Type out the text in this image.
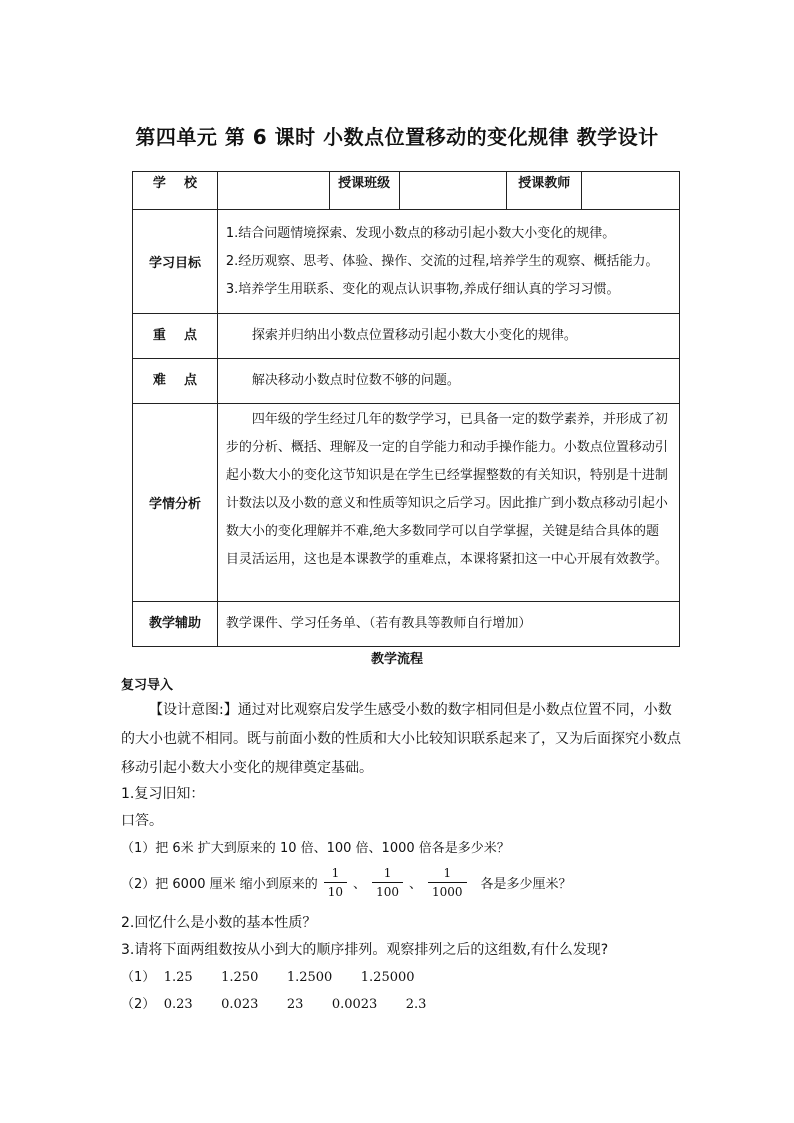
第四单元 第 6 课时 小数点位置移动的变化规律 教学设计
学    校		授课班级		授课教师	
学习目标	1.结合问题情境探索、发现小数点的移动引起小数大小变化的规律。
2.经历观察、思考、体验、操作、交流的过程,培养学生的观察、概括能力。
3.培养学生用联系、变化的观点认识事物,养成仔细认真的学习习惯。				

重    点	探索并归纳出小数点位置移动引起小数大小变化的规律。				

难    点	解决移动小数点时位数不够的问题。				

学情分析	四年级的学生经过几年的数学学习，已具备一定的数学素养，并形成了初步的分析、概括、理解及一定的自学能力和动手操作能力。小数点位置移动引起小数大小的变化这节知识是在学生已经掌握整数的有关知识，特别是十进制计数法以及小数的意义和性质等知识之后学习。因此推广到小数点移动引起小数大小的变化理解并不难,绝大多数同学可以自学掌握，关键是结合具体的题目灵活运用，这也是本课教学的重难点，本课将紧扣这一中心开展有效教学。				

教学辅助	教学课件、学习任务单、（若有教具等教师自行增加）				
教学流程
复习导入
【设计意图:】通过对比观察启发学生感受小数的数字相同但是小数点位置不同，小数的大小也就不相同。既与前面小数的性质和大小比较知识联系起来了，又为后面探究小数点移动引起小数大小变化的规律奠定基础。
1.复习旧知：
口答。
（1）把 6米 扩大到原来的 10 倍、100 倍、1000 倍各是多少米？
（2）把 6000 厘米 缩小到原来的 $\frac{1}{10}$ 、 $\frac{1}{100}$ 、 $\frac{1}{1000}$ 各是多少厘米？
2.回忆什么是小数的基本性质？
3.请将下面两组数按从小到大的顺序排列。观察排列之后的这组数,有什么发现?
（1） 1.25 1.250 1.2500 1.25000
（2） 0.23 0.023 23 0.0023 2.3
